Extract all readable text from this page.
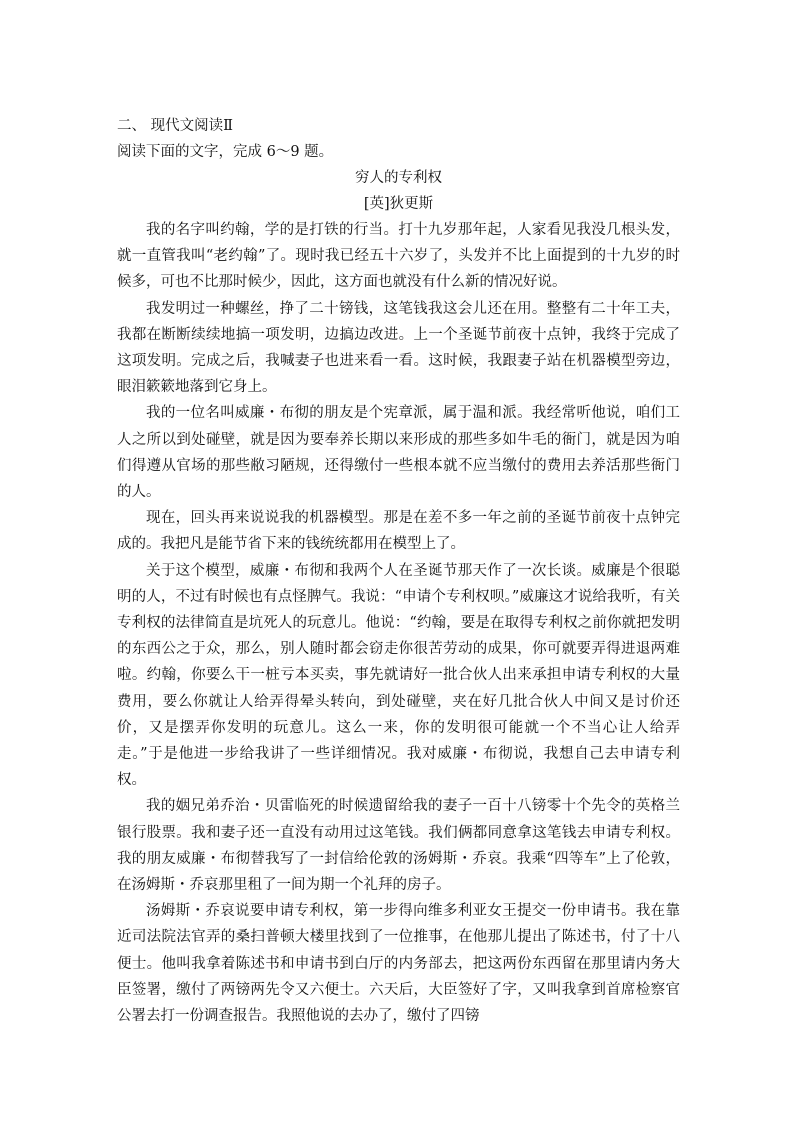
二、 现代文阅读Ⅱ

阅读下面的文字，完成 6～9 题。

穷人的专利权

[英]狄更斯

我的名字叫约翰，学的是打铁的行当。打十九岁那年起，人家看见我没几根头发，就一直管我叫“老约翰”了。现时我已经五十六岁了，头发并不比上面提到的十九岁的时候多，可也不比那时候少，因此，这方面也就没有什么新的情况好说。

我发明过一种螺丝，挣了二十镑钱，这笔钱我这会儿还在用。整整有二十年工夫，我都在断断续续地搞一项发明，边搞边改进。上一个圣诞节前夜十点钟，我终于完成了这项发明。完成之后，我喊妻子也进来看一看。这时候，我跟妻子站在机器模型旁边，眼泪簌簌地落到它身上。

我的一位名叫威廉・布彻的朋友是个宪章派，属于温和派。我经常听他说，咱们工人之所以到处碰壁，就是因为要奉养长期以来形成的那些多如牛毛的衙门，就是因为咱们得遵从官场的那些敝习陋规，还得缴付一些根本就不应当缴付的费用去养活那些衙门的人。

现在，回头再来说说我的机器模型。那是在差不多一年之前的圣诞节前夜十点钟完成的。我把凡是能节省下来的钱统统都用在模型上了。

关于这个模型，威廉・布彻和我两个人在圣诞节那天作了一次长谈。威廉是个很聪明的人，不过有时候也有点怪脾气。我说：“申请个专利权呗。”威廉这才说给我听，有关专利权的法律简直是坑死人的玩意儿。他说：“约翰，要是在取得专利权之前你就把发明的东西公之于众，那么，别人随时都会窃走你很苦劳动的成果，你可就要弄得进退两难啦。约翰，你要么干一桩亏本买卖，事先就请好一批合伙人出来承担申请专利权的大量费用，要么你就让人给弄得晕头转向，到处碰壁，夹在好几批合伙人中间又是讨价还价，又是摆弄你发明的玩意儿。这么一来，你的发明很可能就一个不当心让人给弄走。”于是他进一步给我讲了一些详细情况。我对威廉・布彻说，我想自己去申请专利权。

我的姻兄弟乔治・贝雷临死的时候遗留给我的妻子一百十八镑零十个先令的英格兰银行股票。我和妻子还一直没有动用过这笔钱。我们俩都同意拿这笔钱去申请专利权。我的朋友威廉・布彻替我写了一封信给伦敦的汤姆斯・乔哀。我乘“四等车”上了伦敦，在汤姆斯・乔哀那里租了一间为期一个礼拜的房子。

汤姆斯・乔哀说要申请专利权，第一步得向维多利亚女王提交一份申请书。我在靠近司法院法官弄的桑扫普顿大楼里找到了一位推事，在他那儿提出了陈述书，付了十八便士。他叫我拿着陈述书和申请书到白厅的内务部去，把这两份东西留在那里请内务大臣签署，缴付了两镑两先令又六便士。六天后，大臣签好了字，又叫我拿到首席检察官公署去打一份调查报告。我照他说的去办了，缴付了四镑
